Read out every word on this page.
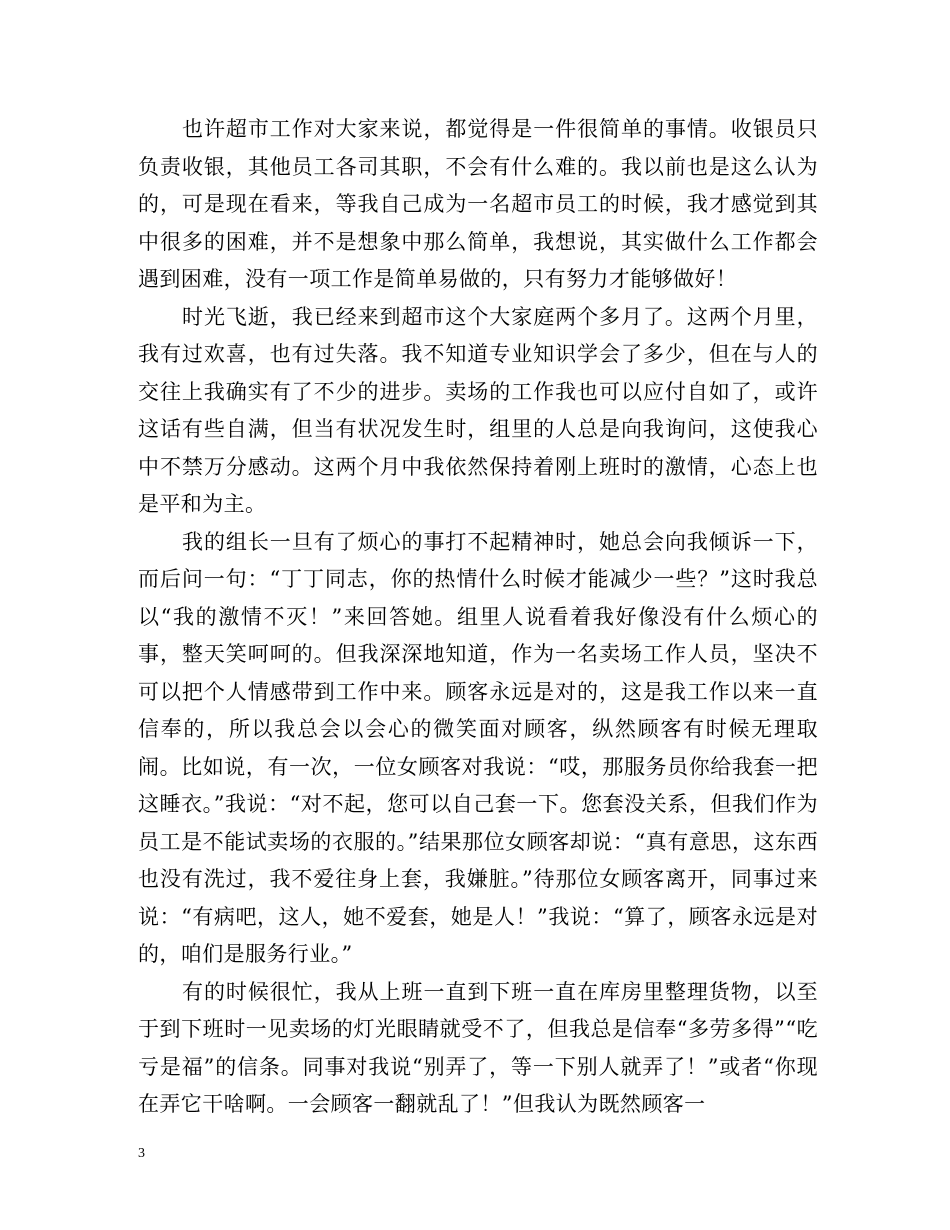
也许超市工作对大家来说，都觉得是一件很简单的事情。收银员只负责收银，其他员工各司其职，不会有什么难的。我以前也是这么认为的，可是现在看来，等我自己成为一名超市员工的时候，我才感觉到其中很多的困难，并不是想象中那么简单，我想说，其实做什么工作都会遇到困难，没有一项工作是简单易做的，只有努力才能够做好！

时光飞逝，我已经来到超市这个大家庭两个多月了。这两个月里，我有过欢喜，也有过失落。我不知道专业知识学会了多少，但在与人的交往上我确实有了不少的进步。卖场的工作我也可以应付自如了，或许这话有些自满，但当有状况发生时，组里的人总是向我询问，这使我心中不禁万分感动。这两个月中我依然保持着刚上班时的激情，心态上也是平和为主。

我的组长一旦有了烦心的事打不起精神时，她总会向我倾诉一下，而后问一句：“丁丁同志，你的热情什么时候才能减少一些？”这时我总以“我的激情不灭！”来回答她。组里人说看着我好像没有什么烦心的事，整天笑呵呵的。但我深深地知道，作为一名卖场工作人员，坚决不可以把个人情感带到工作中来。顾客永远是对的，这是我工作以来一直信奉的，所以我总会以会心的微笑面对顾客，纵然顾客有时候无理取闹。比如说，有一次，一位女顾客对我说：“哎，那服务员你给我套一把这睡衣。”我说：“对不起，您可以自己套一下。您套没关系，但我们作为员工是不能试卖场的衣服的。”结果那位女顾客却说：“真有意思，这东西也没有洗过，我不爱往身上套，我嫌脏。”待那位女顾客离开，同事过来说：“有病吧，这人，她不爱套，她是人！”我说：“算了，顾客永远是对的，咱们是服务行业。”

有的时候很忙，我从上班一直到下班一直在库房里整理货物，以至于到下班时一见卖场的灯光眼睛就受不了，但我总是信奉“多劳多得”“吃亏是福”的信条。同事对我说“别弄了，等一下别人就弄了！”或者“你现在弄它干啥啊。一会顾客一翻就乱了！”但我认为既然顾客一

3
